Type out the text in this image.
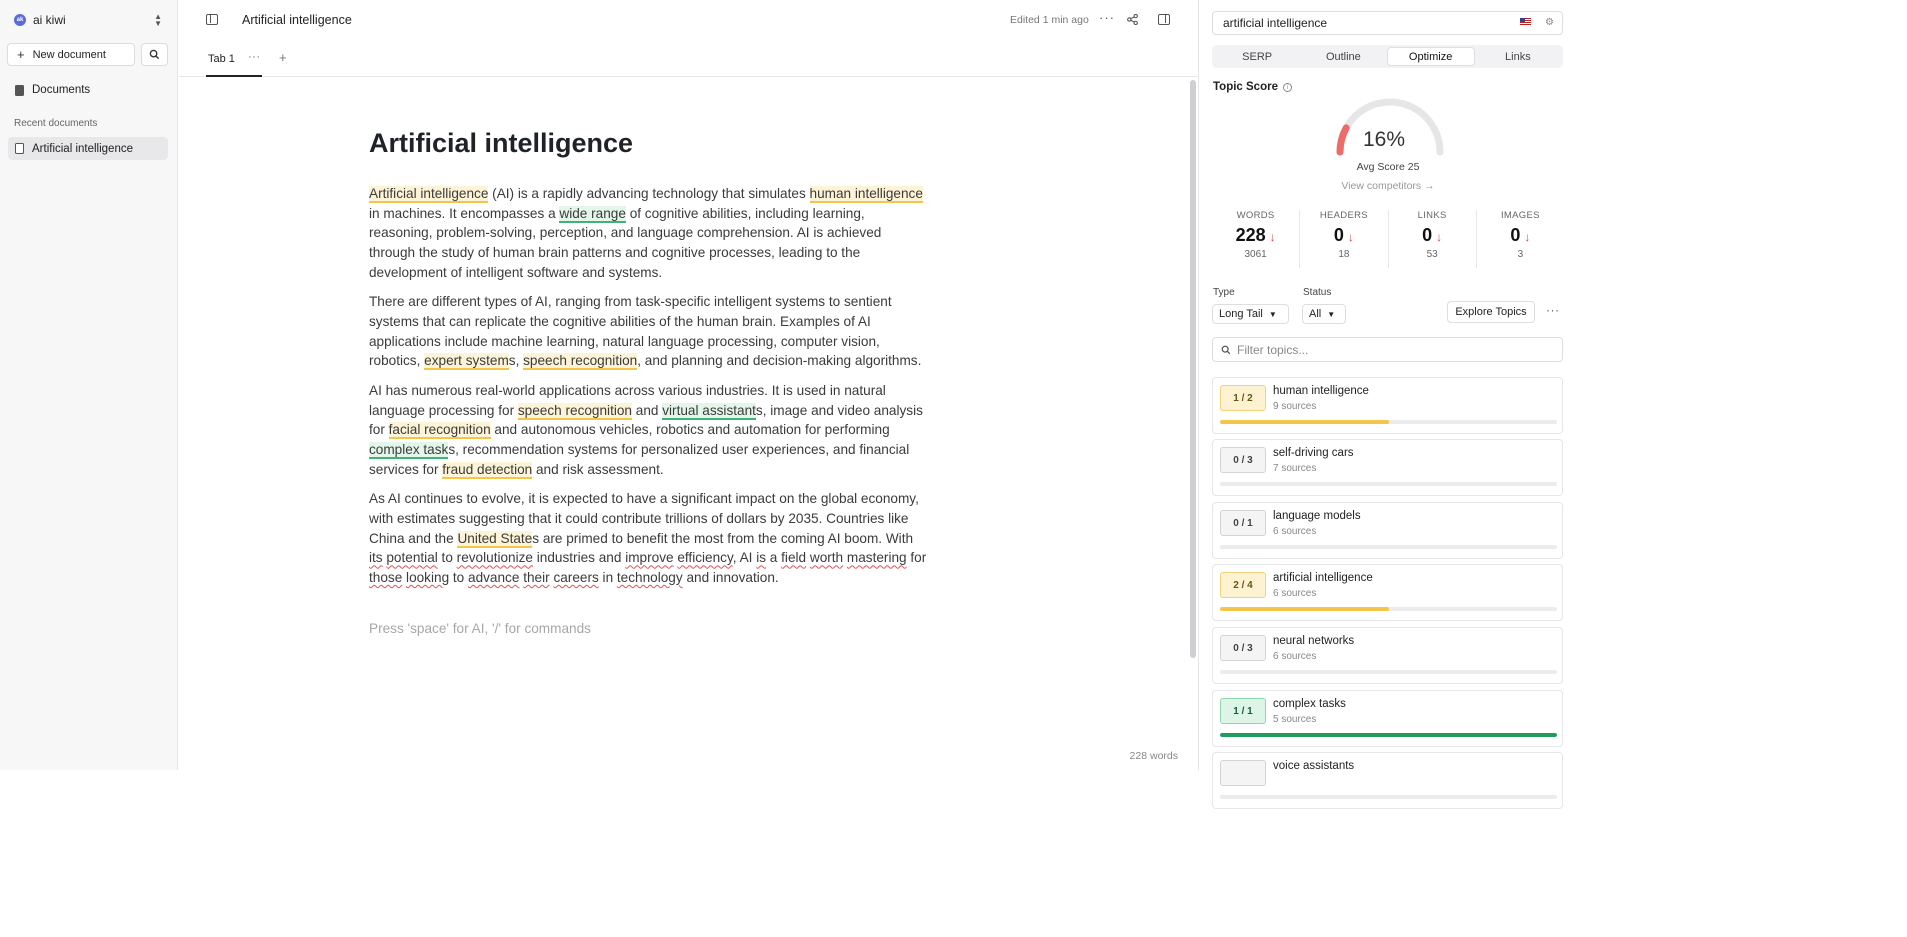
ak ai kiwi	▲
▼
+ New document
Documents
Recent documents
Artificial intelligence
Artificial intelligence	Edited 1 min ago ···
Tab 1 ··· +
Artificial intelligence

Artificial intelligence (AI) is a rapidly advancing technology that simulates human intelligence in machines. It encompasses a wide range of cognitive abilities, including learning, reasoning, problem-solving, perception, and language comprehension. AI is achieved through the study of human brain patterns and cognitive processes, leading to the development of intelligent software and systems.

There are different types of AI, ranging from task-specific intelligent systems to sentient systems that can replicate the cognitive abilities of the human brain. Examples of AI applications include machine learning, natural language processing, computer vision, robotics, expert systems, speech recognition, and planning and decision-making algorithms.

AI has numerous real-world applications across various industries. It is used in natural language processing for speech recognition and virtual assistants, image and video analysis for facial recognition and autonomous vehicles, robotics and automation for performing complex tasks, recommendation systems for personalized user experiences, and financial services for fraud detection and risk assessment.

As AI continues to evolve, it is expected to have a significant impact on the global economy, with estimates suggesting that it could contribute trillions of dollars by 2035. Countries like China and the United States are primed to benefit the most from the coming AI boom. With its potential to revolutionize industries and improve efficiency, AI is a field worth mastering for those looking to advance their careers in technology and innovation.

Press 'space' for AI, '/' for commands
228 words
artificial intelligence	⚙
SERP	Outline	Optimize	Links
Topic Score i
16%
Avg Score 25
View competitors →
WORDS
228 ↓
3061
HEADERS
0 ↓
18
LINKS
0 ↓
53
IMAGES
0 ↓
3
Type	Status
Long Tail ▼	All ▼	Explore Topics	···
Filter topics...
1 / 2
human intelligence
9 sources
0 / 3
self-driving cars
7 sources
0 / 1
language models
6 sources
2 / 4
artificial intelligence
6 sources
0 / 3
neural networks
6 sources
1 / 1
complex tasks
5 sources
voice assistants
